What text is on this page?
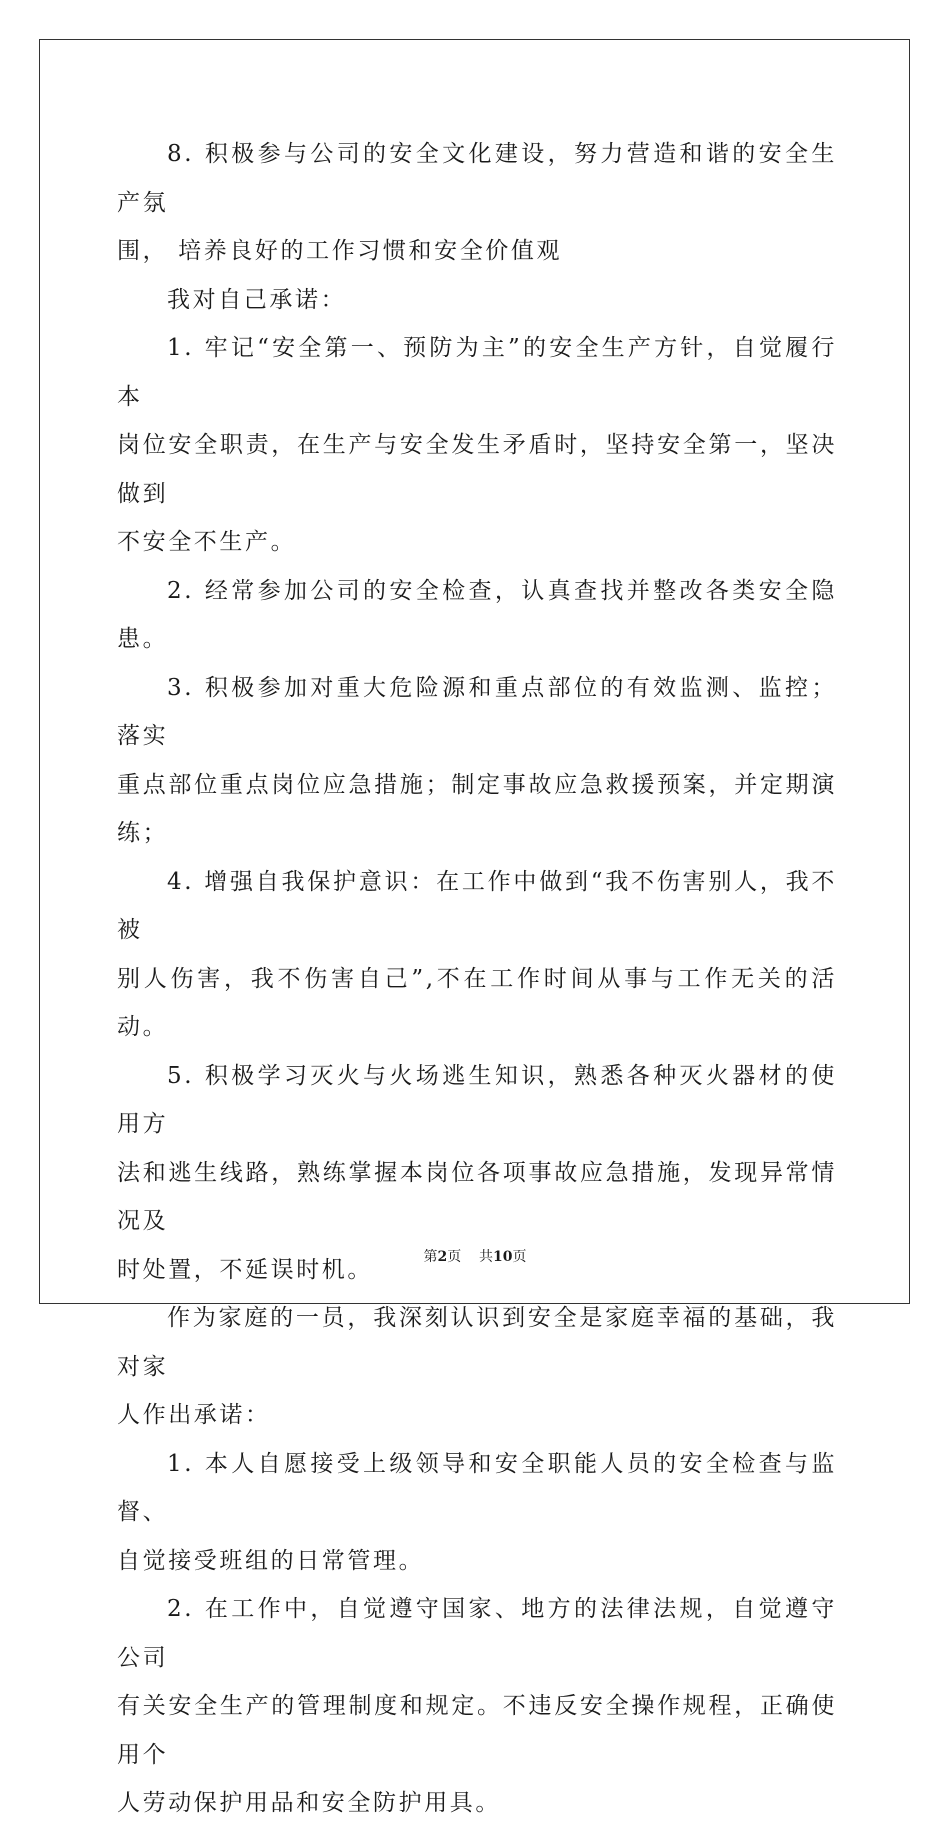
8. 积极参与公司的安全文化建设，努力营造和谐的安全生产氛
围， 培养良好的工作习惯和安全价值观

我对自己承诺：

1. 牢记“安全第一、预防为主”的安全生产方针，自觉履行本
岗位安全职责，在生产与安全发生矛盾时，坚持安全第一，坚决做到
不安全不生产。

2. 经常参加公司的安全检查，认真查找并整改各类安全隐患。

3. 积极参加对重大危险源和重点部位的有效监测、监控；落实
重点部位重点岗位应急措施；制定事故应急救援预案，并定期演练；

4. 增强自我保护意识：在工作中做到“我不伤害别人，我不被
别人伤害，我不伤害自己”,不在工作时间从事与工作无关的活动。

5. 积极学习灭火与火场逃生知识，熟悉各种灭火器材的使用方
法和逃生线路，熟练掌握本岗位各项事故应急措施，发现异常情况及
时处置，不延误时机。

作为家庭的一员，我深刻认识到安全是家庭幸福的基础，我对家
人作出承诺：

1. 本人自愿接受上级领导和安全职能人员的安全检查与监督、
自觉接受班组的日常管理。

2. 在工作中，自觉遵守国家、地方的法律法规，自觉遵守公司
有关安全生产的管理制度和规定。不违反安全操作规程，正确使用个
人劳动保护用品和安全防护用具。

第2页 共10页
